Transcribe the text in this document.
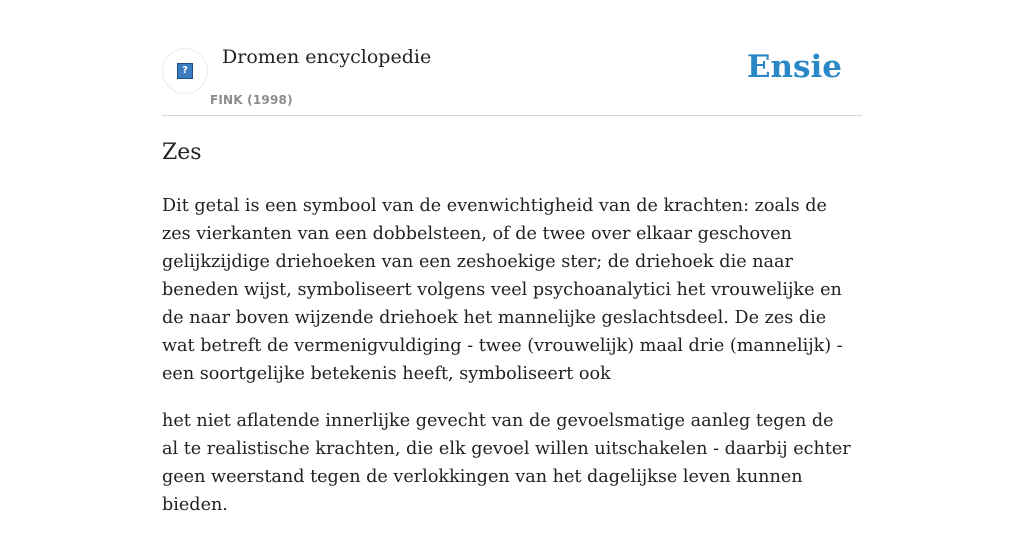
?
Dromen encyclopedie
FINK (1998)
Ensie
Zes

Dit getal is een symbool van de evenwichtigheid van de krachten: zoals de zes vierkanten van een dobbelsteen, of de twee over elkaar geschoven gelijkzijdige driehoeken van een zeshoekige ster; de driehoek die naar beneden wijst, symboliseert volgens veel psychoanalytici het vrouwelijke en de naar boven wijzende driehoek het mannelijke geslachtsdeel. De zes die wat betreft de vermenigvuldiging - twee (vrouwelijk) maal drie (mannelijk) - een soortgelijke betekenis heeft, symboliseert ook

het niet aflatende innerlijke gevecht van de gevoelsmatige aanleg tegen de al te realistische krachten, die elk gevoel willen uitschakelen - daarbij echter geen weerstand tegen de verlokkingen van het dagelijkse leven kunnen bieden.
